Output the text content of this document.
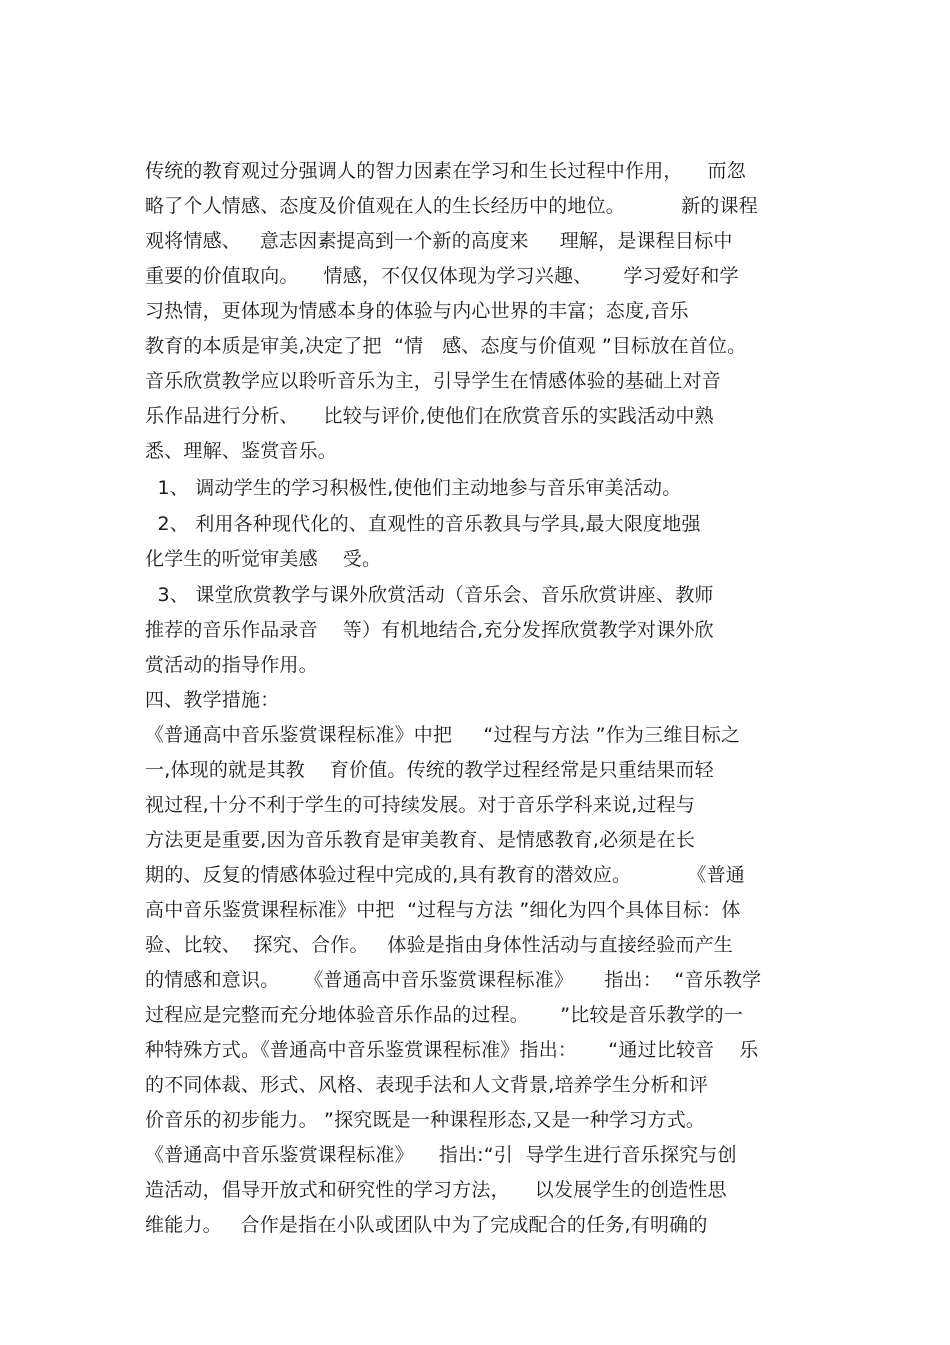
传统的教育观过分强调人的智力因素在学习和生长过程中作用，    而忽
略了个人情感、态度及价值观在人的生长经历中的地位。         新的课程
观将情感、   意志因素提高到一个新的高度来     理解，是课程目标中
重要的价值取向。    情感，不仅仅体现为学习兴趣、     学习爱好和学
习热情，更体现为情感本身的体验与内心世界的丰富；态度,音乐
教育的本质是审美,决定了把  “情   感、态度与价值观 ”目标放在首位。
音乐欣赏教学应以聆听音乐为主，引导学生在情感体验的基础上对音
乐作品进行分析、    比较与评价,使他们在欣赏音乐的实践活动中熟
悉、理解、鉴赏音乐。
1、 调动学生的学习积极性,使他们主动地参与音乐审美活动。
2、 利用各种现代化的、直观性的音乐教具与学具,最大限度地强
化学生的听觉审美感    受。
3、 课堂欣赏教学与课外欣赏活动（音乐会、音乐欣赏讲座、教师
推荐的音乐作品录音    等）有机地结合,充分发挥欣赏教学对课外欣
赏活动的指导作用。
四、教学措施：
《普通高中音乐鉴赏课程标准》中把     “过程与方法 ”作为三维目标之
一,体现的就是其教    育价值。传统的教学过程经常是只重结果而轻
视过程,十分不利于学生的可持续发展。对于音乐学科来说,过程与
方法更是重要,因为音乐教育是审美教育、是情感教育,必须是在长
期的、反复的情感体验过程中完成的,具有教育的潜效应。         《普通
高中音乐鉴赏课程标准》中把  “过程与方法 ”细化为四个具体目标：体
验、比较、  探究、合作。   体验是指由身体性活动与直接经验而产生
的情感和意识。    《普通高中音乐鉴赏课程标准》     指出：  “音乐教学
过程应是完整而充分地体验音乐作品的过程。     ”比较是音乐教学的一
种特殊方式。《普通高中音乐鉴赏课程标准》指出：     “通过比较音    乐
的不同体裁、形式、风格、表现手法和人文背景,培养学生分析和评
价音乐的初步能力。 ”探究既是一种课程形态,又是一种学习方式。
《普通高中音乐鉴赏课程标准》    指出:“引  导学生进行音乐探究与创
造活动，倡导开放式和研究性的学习方法，    以发展学生的创造性思
维能力。   合作是指在小队或团队中为了完成配合的任务,有明确的
